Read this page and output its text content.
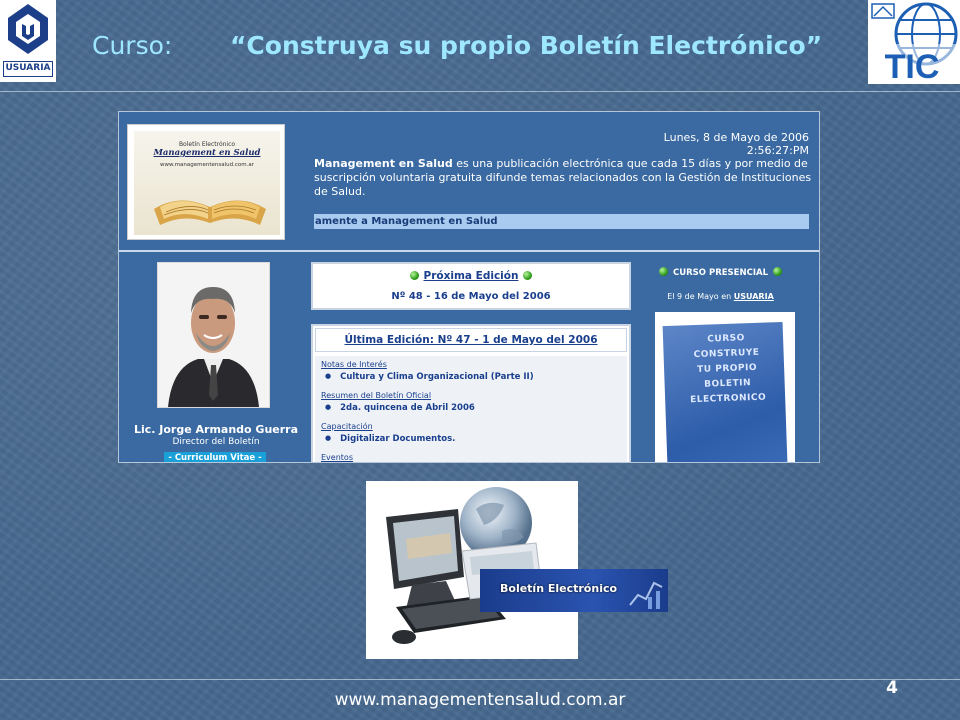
USUARIA
Curso: “Construya su propio Boletín Electrónico”
TIC
Boletín Electrónico
Management en Salud
www.managementensalud.com.ar
Lunes, 8 de Mayo de 2006
2:56:27:PM
Management en Salud es una publicación electrónica que cada 15 días y por medio de suscripción voluntaria gratuita difunde temas relacionados con la Gestión de Instituciones de Salud.
amente a Management en Salud
Lic. Jorge Armando Guerra
Director del Boletín
- Curriculum Vitae -
Próxima Edición
Nº 48 - 16 de Mayo del 2006
Última Edición: Nº 47 - 1 de Mayo del 2006
Notas de Interés
● Cultura y Clima Organizacional (Parte II)
Resumen del Boletín Oficial
● 2da. quincena de Abril 2006
Capacitación
● Digitalizar Documentos.
Eventos
CURSO PRESENCIAL
El 9 de Mayo en USUARIA
CURSO
CONSTRUYE
TU PROPIO
BOLETIN
ELECTRONICO
Boletín Electrónico
www.managementensalud.com.ar
4
